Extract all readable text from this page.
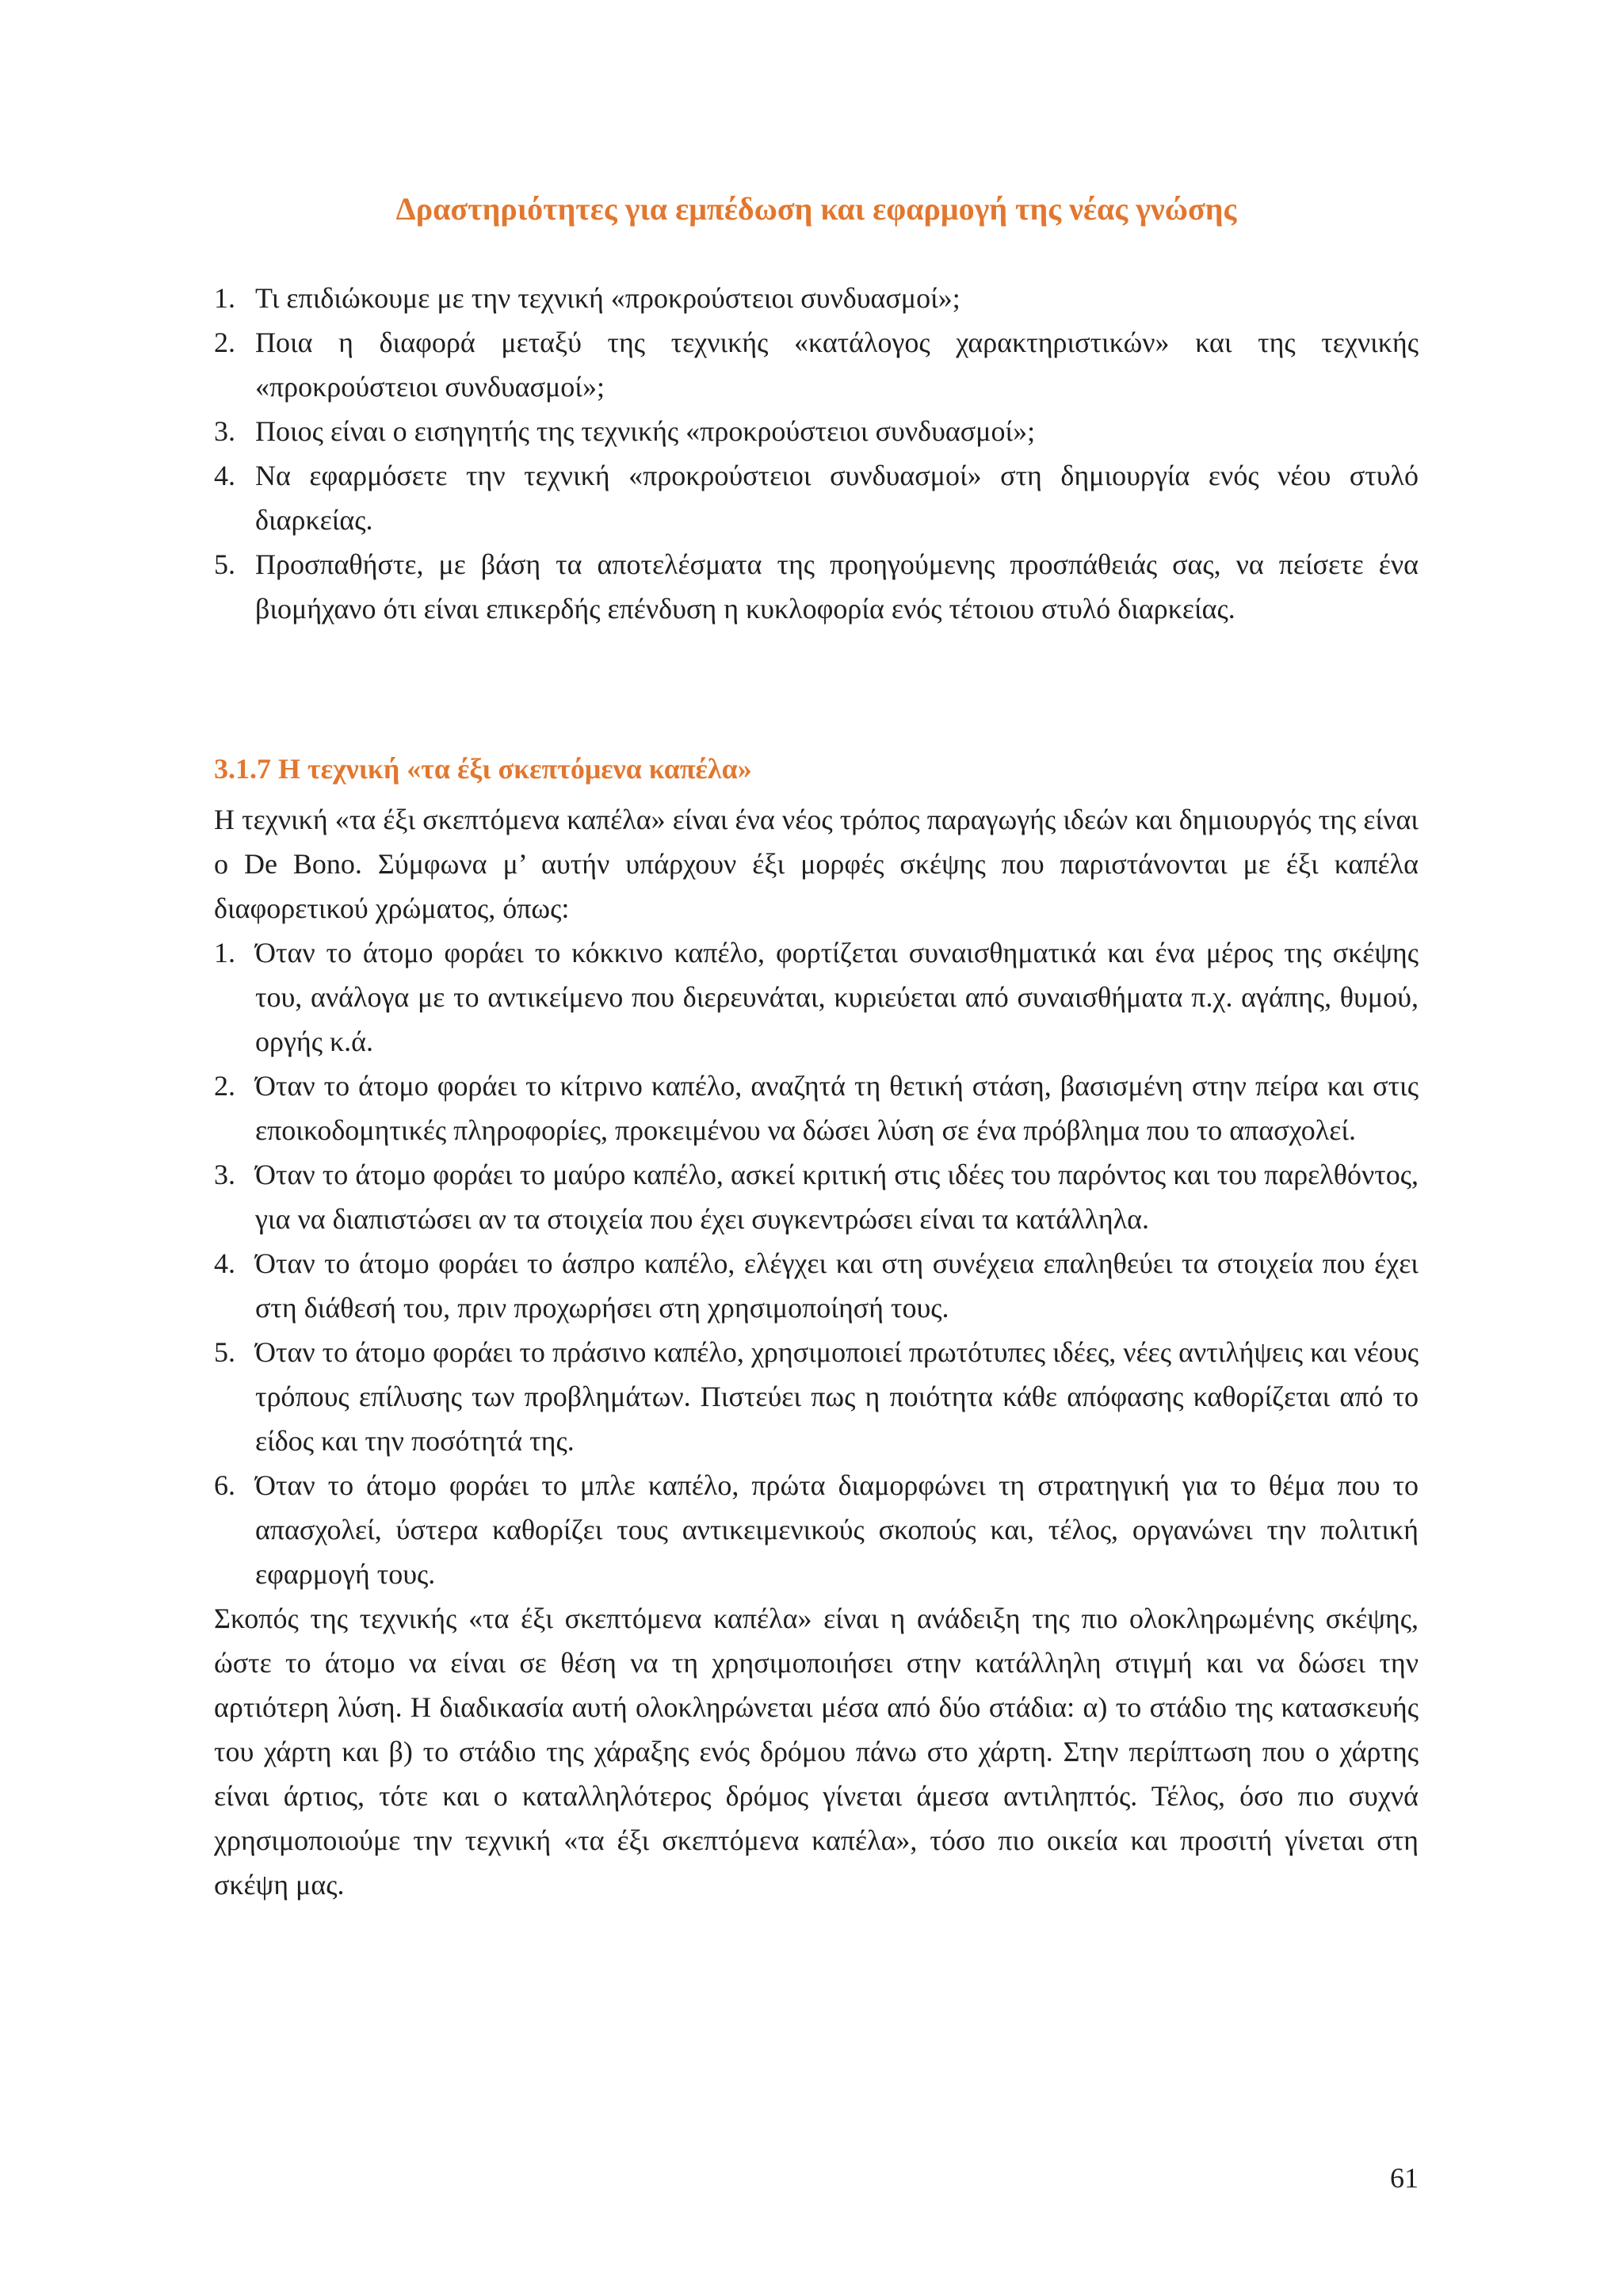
Δραστηριότητες για εμπέδωση και εφαρμογή της νέας γνώσης
1. Τι επιδιώκουμε με την τεχνική «προκρούστειοι συνδυασμοί»;
2. Ποια η διαφορά μεταξύ της τεχνικής «κατάλογος χαρακτηριστικών» και της τεχνικής «προκρούστειοι συνδυασμοί»;
3. Ποιος είναι ο εισηγητής της τεχνικής «προκρούστειοι συνδυασμοί»;
4. Να εφαρμόσετε την τεχνική «προκρούστειοι συνδυασμοί» στη δημιουργία ενός νέου στυλό διαρκείας.
5. Προσπαθήστε, με βάση τα αποτελέσματα της προηγούμενης προσπάθειάς σας, να πείσετε ένα βιομήχανο ότι είναι επικερδής επένδυση η κυκλοφορία ενός τέτοιου στυλό διαρκείας.
3.1.7 Η τεχνική «τα έξι σκεπτόμενα καπέλα»

Η τεχνική «τα έξι σκεπτόμενα καπέλα» είναι ένα νέος τρόπος παραγωγής ιδεών και δημιουργός της είναι ο De Bono. Σύμφωνα μ’ αυτήν υπάρχουν έξι μορφές σκέψης που παριστάνονται με έξι καπέλα διαφορετικού χρώματος, όπως:

1. Όταν το άτομο φοράει το κόκκινο καπέλο, φορτίζεται συναισθηματικά και ένα μέρος της σκέψης του, ανάλογα με το αντικείμενο που διερευνάται, κυριεύεται από συναισθήματα π.χ. αγάπης, θυμού, οργής κ.ά.
2. Όταν το άτομο φοράει το κίτρινο καπέλο, αναζητά τη θετική στάση, βασισμένη στην πείρα και στις εποικοδομητικές πληροφορίες, προκειμένου να δώσει λύση σε ένα πρόβλημα που το απασχολεί.
3. Όταν το άτομο φοράει το μαύρο καπέλο, ασκεί κριτική στις ιδέες του παρόντος και του παρελθόντος, για να διαπιστώσει αν τα στοιχεία που έχει συγκεντρώσει είναι τα κατάλληλα.
4. Όταν το άτομο φοράει το άσπρο καπέλο, ελέγχει και στη συνέχεια επαληθεύει τα στοιχεία που έχει στη διάθεσή του, πριν προχωρήσει στη χρησιμοποίησή τους.
5. Όταν το άτομο φοράει το πράσινο καπέλο, χρησιμοποιεί πρωτότυπες ιδέες, νέες αντιλήψεις και νέους τρόπους επίλυσης των προβλημάτων. Πιστεύει πως η ποιότητα κάθε απόφασης καθορίζεται από το είδος και την ποσότητά της.
6. Όταν το άτομο φοράει το μπλε καπέλο, πρώτα διαμορφώνει τη στρατηγική για το θέμα που το απασχολεί, ύστερα καθορίζει τους αντικειμενικούς σκοπούς και, τέλος, οργανώνει την πολιτική εφαρμογή τους.

Σκοπός της τεχνικής «τα έξι σκεπτόμενα καπέλα» είναι η ανάδειξη της πιο ολοκληρωμένης σκέψης, ώστε το άτομο να είναι σε θέση να τη χρησιμοποιήσει στην κατάλληλη στιγμή και να δώσει την αρτιότερη λύση. Η διαδικασία αυτή ολοκληρώνεται μέσα από δύο στάδια: α) το στάδιο της κατασκευής του χάρτη και β) το στάδιο της χάραξης ενός δρόμου πάνω στο χάρτη. Στην περίπτωση που ο χάρτης είναι άρτιος, τότε και ο καταλληλότερος δρόμος γίνεται άμεσα αντιληπτός. Τέλος, όσο πιο συχνά χρησιμοποιούμε την τεχνική «τα έξι σκεπτόμενα καπέλα», τόσο πιο οικεία και προσιτή γίνεται στη σκέψη μας.

61
